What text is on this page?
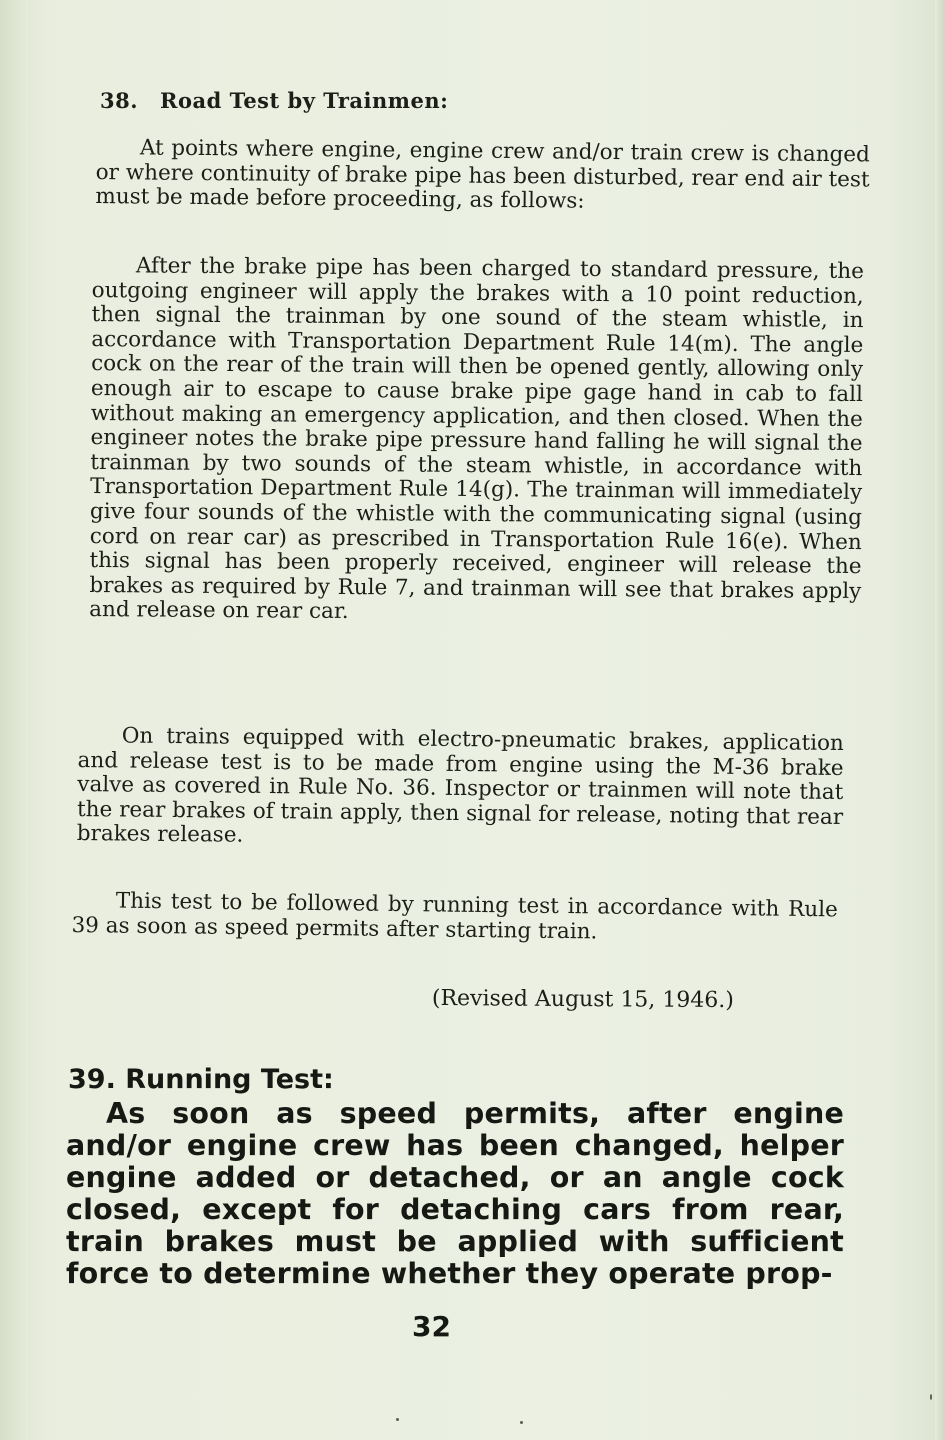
38. Road Test by Trainmen:
At points where engine, engine crew and/or train crew is changed or where continuity of brake pipe has been disturbed, rear end air test must be made before proceeding, as follows:
After the brake pipe has been charged to standard pressure, the outgoing engineer will apply the brakes with a 10 point reduction, then signal the trainman by one sound of the steam whistle, in accordance with Transportation Department Rule 14(m). The angle cock on the rear of the train will then be opened gently, allowing only enough air to escape to cause brake pipe gage hand in cab to fall without making an emergency application, and then closed. When the engineer notes the brake pipe pressure hand falling he will signal the trainman by two sounds of the steam whistle, in accordance with Transportation Department Rule 14(g). The trainman will immediately give four sounds of the whistle with the communicating signal (using cord on rear car) as prescribed in Transportation Rule 16(e). When this signal has been properly received, engineer will release the brakes as required by Rule 7, and trainman will see that brakes apply and release on rear car.
On trains equipped with electro-pneumatic brakes, application and release test is to be made from engine using the M-36 brake valve as covered in Rule No. 36. Inspector or trainmen will note that the rear brakes of train apply, then signal for release, noting that rear brakes release.
This test to be followed by running test in accordance with Rule 39 as soon as speed permits after starting train.
(Revised August 15, 1946.)
39. Running Test:
As soon as speed permits, after engine and/or engine crew has been changed, helper engine added or detached, or an angle cock closed, except for detaching cars from rear, train brakes must be applied with sufficient force to determine whether they operate prop-
32
